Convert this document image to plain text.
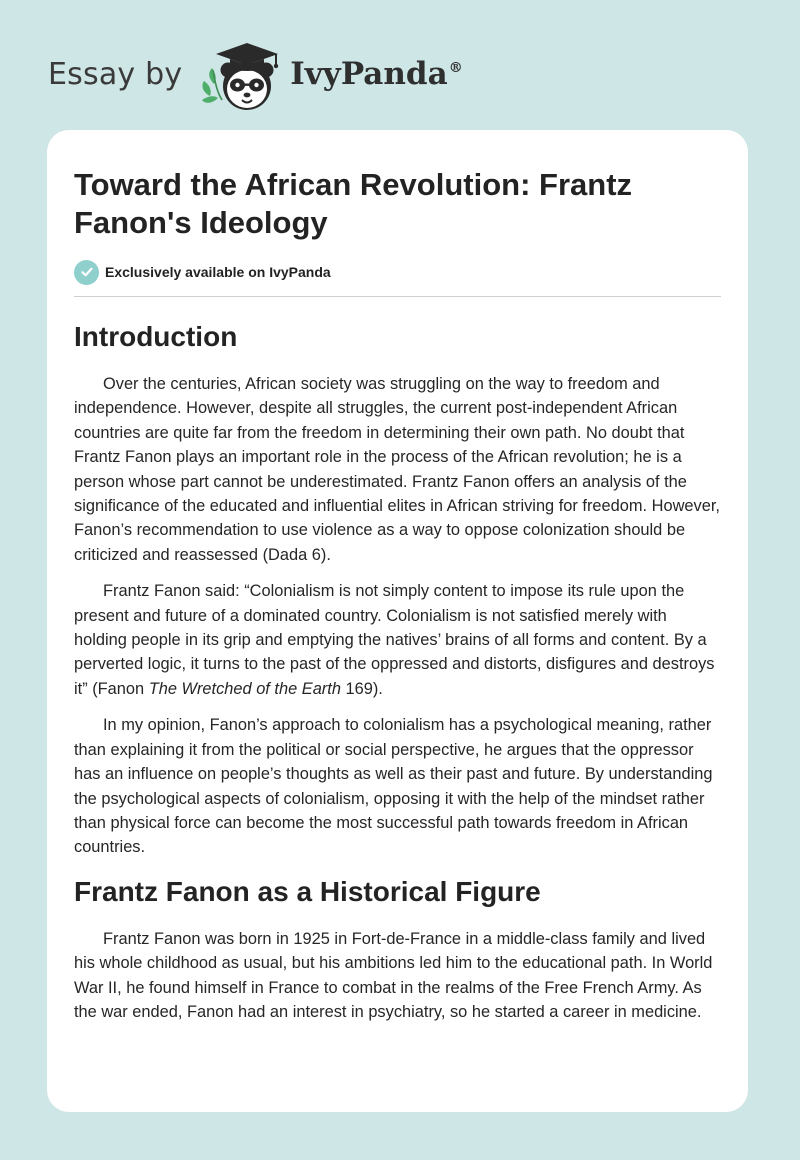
Essay by	IvyPanda®
Toward the African Revolution: Frantz Fanon's Ideology
Exclusively available on IvyPanda
Introduction

Over the centuries, African society was struggling on the way to freedom and independence. However, despite all struggles, the current post-independent African countries are quite far from the freedom in determining their own path. No doubt that Frantz Fanon plays an important role in the process of the African revolution; he is a person whose part cannot be underestimated. Frantz Fanon offers an analysis of the significance of the educated and influential elites in African striving for freedom. However, Fanon’s recommendation to use violence as a way to oppose colonization should be criticized and reassessed (Dada 6).

Frantz Fanon said: “Colonialism is not simply content to impose its rule upon the present and future of a dominated country. Colonialism is not satisfied merely with holding people in its grip and emptying the natives’ brains of all forms and content. By a perverted logic, it turns to the past of the oppressed and distorts, disfigures and destroys it” (Fanon The Wretched of the Earth 169).

In my opinion, Fanon’s approach to colonialism has a psychological meaning, rather than explaining it from the political or social perspective, he argues that the oppressor has an influence on people’s thoughts as well as their past and future. By understanding the psychological aspects of colonialism, opposing it with the help of the mindset rather than physical force can become the most successful path towards freedom in African countries.

Frantz Fanon as a Historical Figure

Frantz Fanon was born in 1925 in Fort-de-France in a middle-class family and lived his whole childhood as usual, but his ambitions led him to the educational path. In World War II, he found himself in France to combat in the realms of the Free French Army. As the war ended, Fanon had an interest in psychiatry, so he started a career in medicine.
